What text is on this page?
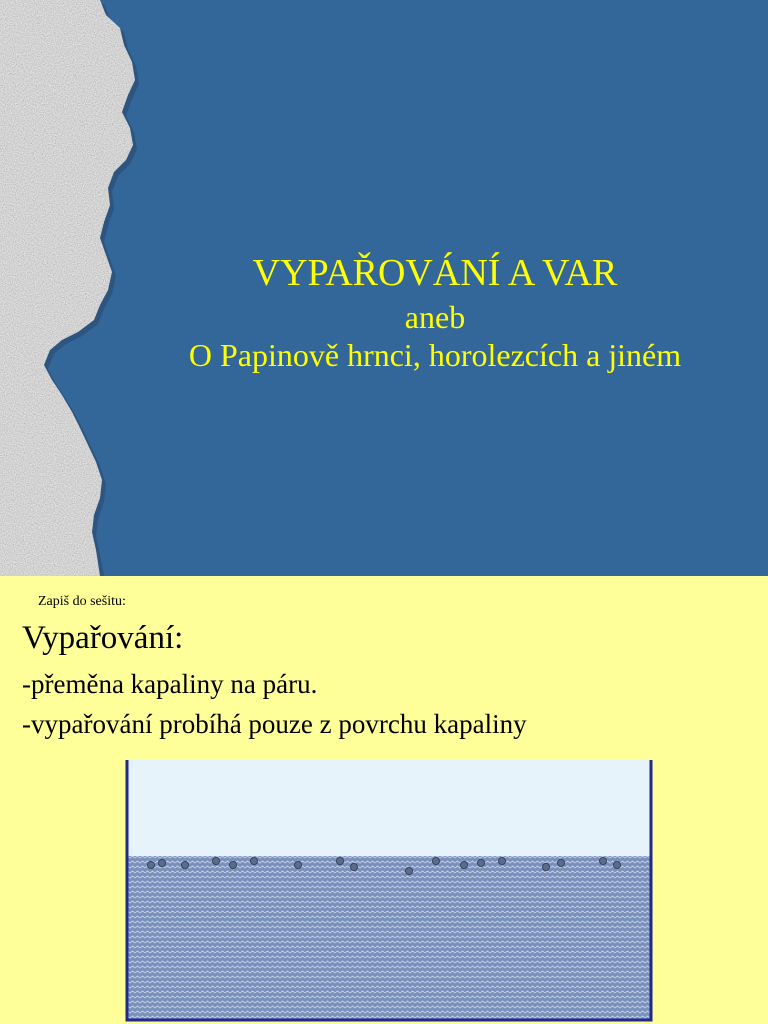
VYPAŘOVÁNÍ A VAR
aneb
O Papinově hrnci, horolezcích a jiném
Zapiš do sešitu:
Vypařování:
-přeměna kapaliny na páru.
-vypařování probíhá pouze z povrchu kapaliny
